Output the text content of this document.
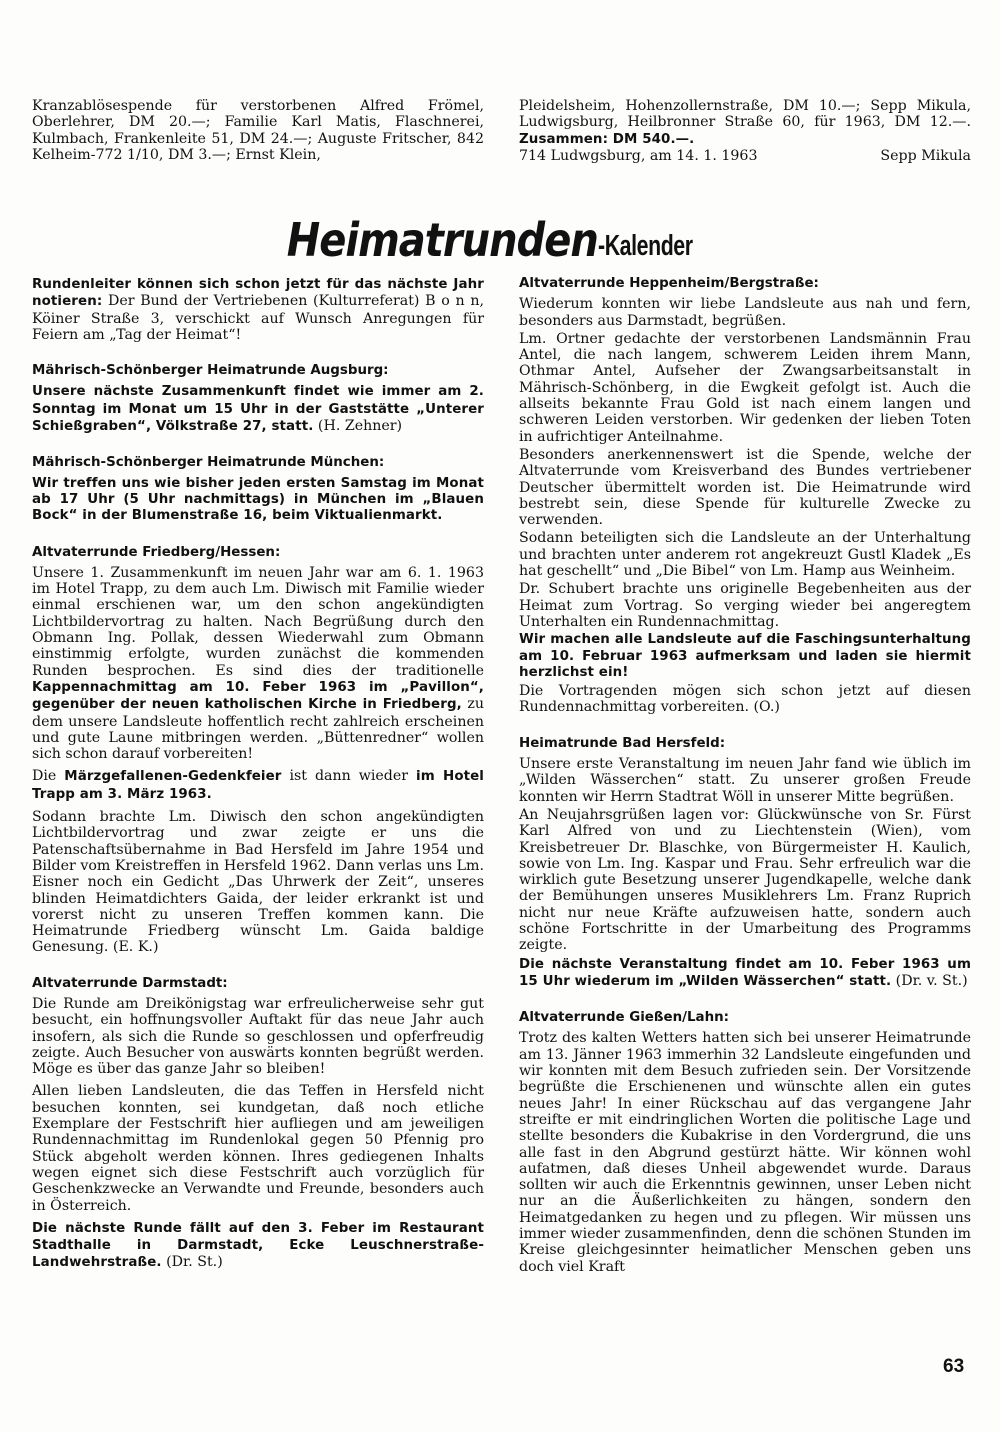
Kranzablösespende für verstorbenen Alfred Frömel, Oberlehrer, DM 20.—; Familie Karl Matis, Flaschnerei, Kulmbach, Frankenleite 51, DM 24.—; Auguste Fritscher, 842 Kelheim-772 1/10, DM 3.—; Ernst Klein,

Pleidelsheim, Hohenzollernstraße, DM 10.—; Sepp Mikula, Ludwigsburg, Heilbronner Straße 60, für 1963, DM 12.—. Zusammen: DM 540.—.

714 Ludwgsburg, am 14. 1. 1963	Sepp Mikula
Heimatrunden-Kalender

Rundenleiter können sich schon jetzt für das nächste Jahr notieren: Der Bund der Vertriebenen (Kulturreferat) B o n n, Köiner Straße 3, verschickt auf Wunsch Anregungen für Feiern am „Tag der Heimat“!

Mährisch-Schönberger Heimatrunde Augsburg:

Unsere nächste Zusammenkunft findet wie immer am 2. Sonntag im Monat um 15 Uhr in der Gaststätte „Unterer Schießgraben“, Völkstraße 27, statt. (H. Zehner)

Mährisch-Schönberger Heimatrunde München:

Wir treffen uns wie bisher jeden ersten Samstag im Monat ab 17 Uhr (5 Uhr nachmittags) in München im „Blauen Bock“ in der Blumenstraße 16, beim Viktualienmarkt.

Altvaterrunde Friedberg/Hessen:

Unsere 1. Zusammenkunft im neuen Jahr war am 6. 1. 1963 im Hotel Trapp, zu dem auch Lm. Diwisch mit Familie wieder einmal erschienen war, um den schon angekündigten Lichtbildervortrag zu halten. Nach Begrüßung durch den Obmann Ing. Pollak, dessen Wiederwahl zum Obmann einstimmig erfolgte, wurden zunächst die kommenden Runden besprochen. Es sind dies der traditionelle Kappennachmittag am 10. Feber 1963 im „Pavillon“, gegenüber der neuen katholischen Kirche in Friedberg, zu dem unsere Landsleute hoffentlich recht zahlreich erscheinen und gute Laune mitbringen werden. „Büttenredner“ wollen sich schon darauf vorbereiten!

Die Märzgefallenen-Gedenkfeier ist dann wieder im Hotel Trapp am 3. März 1963.

Sodann brachte Lm. Diwisch den schon angekündigten Lichtbildervortrag und zwar zeigte er uns die Patenschaftsübernahme in Bad Hersfeld im Jahre 1954 und Bilder vom Kreistreffen in Hersfeld 1962. Dann verlas uns Lm. Eisner noch ein Gedicht „Das Uhrwerk der Zeit“, unseres blinden Heimatdichters Gaida, der leider erkrankt ist und vorerst nicht zu unseren Treffen kommen kann. Die Heimatrunde Friedberg wünscht Lm. Gaida baldige Genesung. (E. K.)

Altvaterrunde Darmstadt:

Die Runde am Dreikönigstag war erfreulicherweise sehr gut besucht, ein hoffnungsvoller Auftakt für das neue Jahr auch insofern, als sich die Runde so geschlossen und opferfreudig zeigte. Auch Besucher von auswärts konnten begrüßt werden. Möge es über das ganze Jahr so bleiben!

Allen lieben Landsleuten, die das Teffen in Hersfeld nicht besuchen konnten, sei kundgetan, daß noch etliche Exemplare der Festschrift hier aufliegen und am jeweiligen Rundennachmittag im Rundenlokal gegen 50 Pfennig pro Stück abgeholt werden können. Ihres gediegenen Inhalts wegen eignet sich diese Festschrift auch vorzüglich für Geschenkzwecke an Verwandte und Freunde, besonders auch in Österreich.

Die nächste Runde fällt auf den 3. Feber im Restaurant Stadthalle in Darmstadt, Ecke Leuschnerstraße-Landwehrstraße. (Dr. St.)

Altvaterrunde Heppenheim/Bergstraße:

Wiederum konnten wir liebe Landsleute aus nah und fern, besonders aus Darmstadt, begrüßen.

Lm. Ortner gedachte der verstorbenen Landsmännin Frau Antel, die nach langem, schwerem Leiden ihrem Mann, Othmar Antel, Aufseher der Zwangsarbeitsanstalt in Mährisch-Schönberg, in die Ewgkeit gefolgt ist. Auch die allseits bekannte Frau Gold ist nach einem langen und schweren Leiden verstorben. Wir gedenken der lieben Toten in aufrichtiger Anteilnahme.

Besonders anerkennenswert ist die Spende, welche der Altvaterrunde vom Kreisverband des Bundes vertriebener Deutscher übermittelt worden ist. Die Heimatrunde wird bestrebt sein, diese Spende für kulturelle Zwecke zu verwenden.

Sodann beteiligten sich die Landsleute an der Unterhaltung und brachten unter anderem rot angekreuzt Gustl Kladek „Es hat geschellt“ und „Die Bibel“ von Lm. Hamp aus Weinheim.

Dr. Schubert brachte uns originelle Begebenheiten aus der Heimat zum Vortrag. So verging wieder bei angeregtem Unterhalten ein Rundennachmittag.

Wir machen alle Landsleute auf die Faschingsunterhaltung am 10. Februar 1963 aufmerksam und laden sie hiermit herzlichst ein!

Die Vortragenden mögen sich schon jetzt auf diesen Rundennachmittag vorbereiten. (O.)

Heimatrunde Bad Hersfeld:

Unsere erste Veranstaltung im neuen Jahr fand wie üblich im „Wilden Wässerchen“ statt. Zu unserer großen Freude konnten wir Herrn Stadtrat Wöll in unserer Mitte begrüßen.

An Neujahrsgrüßen lagen vor: Glückwünsche von Sr. Fürst Karl Alfred von und zu Liechtenstein (Wien), vom Kreisbetreuer Dr. Blaschke, von Bürgermeister H. Kaulich, sowie von Lm. Ing. Kaspar und Frau. Sehr erfreulich war die wirklich gute Besetzung unserer Jugendkapelle, welche dank der Bemühungen unseres Musiklehrers Lm. Franz Ruprich nicht nur neue Kräfte aufzuweisen hatte, sondern auch schöne Fortschritte in der Umarbeitung des Programms zeigte.

Die nächste Veranstaltung findet am 10. Feber 1963 um 15 Uhr wiederum im „Wilden Wässerchen“ statt. (Dr. v. St.)

Altvaterrunde Gießen/Lahn:

Trotz des kalten Wetters hatten sich bei unserer Heimatrunde am 13. Jänner 1963 immerhin 32 Landsleute eingefunden und wir konnten mit dem Besuch zufrieden sein. Der Vorsitzende begrüßte die Erschienenen und wünschte allen ein gutes neues Jahr! In einer Rückschau auf das vergangene Jahr streifte er mit eindringlichen Worten die politische Lage und stellte besonders die Kubakrise in den Vordergrund, die uns alle fast in den Abgrund gestürzt hätte. Wir können wohl aufatmen, daß dieses Unheil abgewendet wurde. Daraus sollten wir auch die Erkenntnis gewinnen, unser Leben nicht nur an die Äußerlichkeiten zu hängen, sondern den Heimatgedanken zu hegen und zu pflegen. Wir müssen uns immer wieder zusammenfinden, denn die schönen Stunden im Kreise gleichgesinnter heimatlicher Menschen geben uns doch viel Kraft

63
